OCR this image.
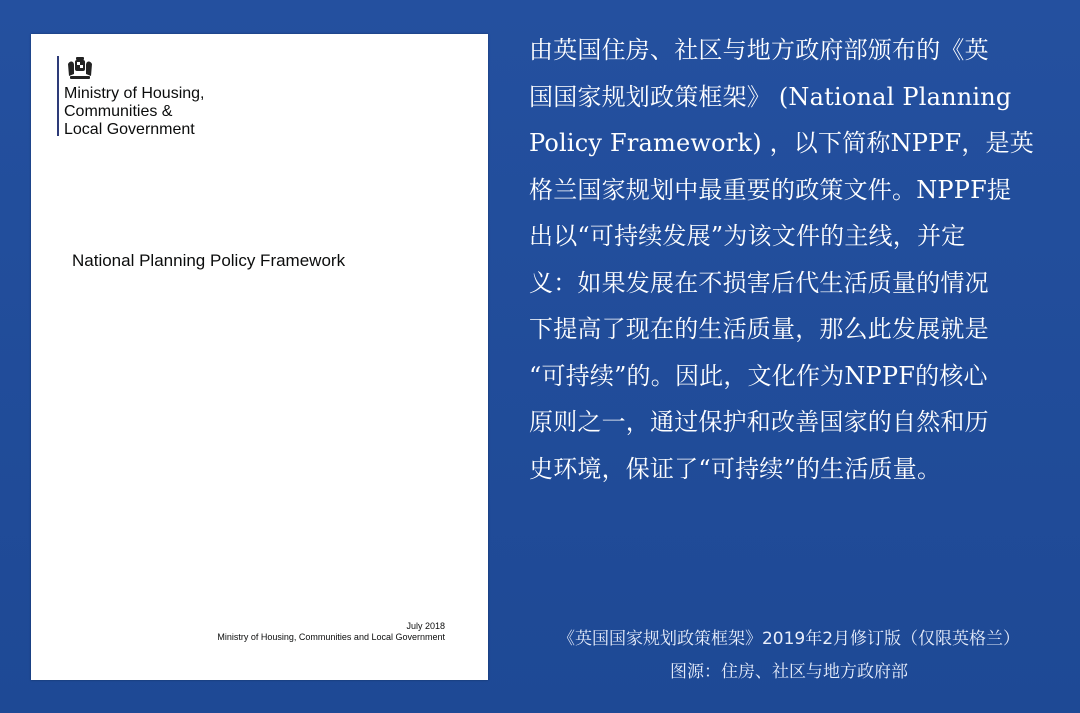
Ministry of Housing,
Communities &
Local Government
National Planning Policy Framework
July 2018
Ministry of Housing, Communities and Local Government
由英国住房、社区与地方政府部颁布的《英
国国家规划政策框架》 (National Planning
Policy Framework) ，以下简称NPPF，是英
格兰国家规划中最重要的政策文件。NPPF提
出以“可持续发展”为该文件的主线，并定
义：如果发展在不损害后代生活质量的情况
下提高了现在的生活质量，那么此发展就是
“可持续”的。因此，文化作为NPPF的核心
原则之一，通过保护和改善国家的自然和历
史环境，保证了“可持续”的生活质量。
《英国国家规划政策框架》2019年2月修订版（仅限英格兰）
图源：住房、社区与地方政府部
